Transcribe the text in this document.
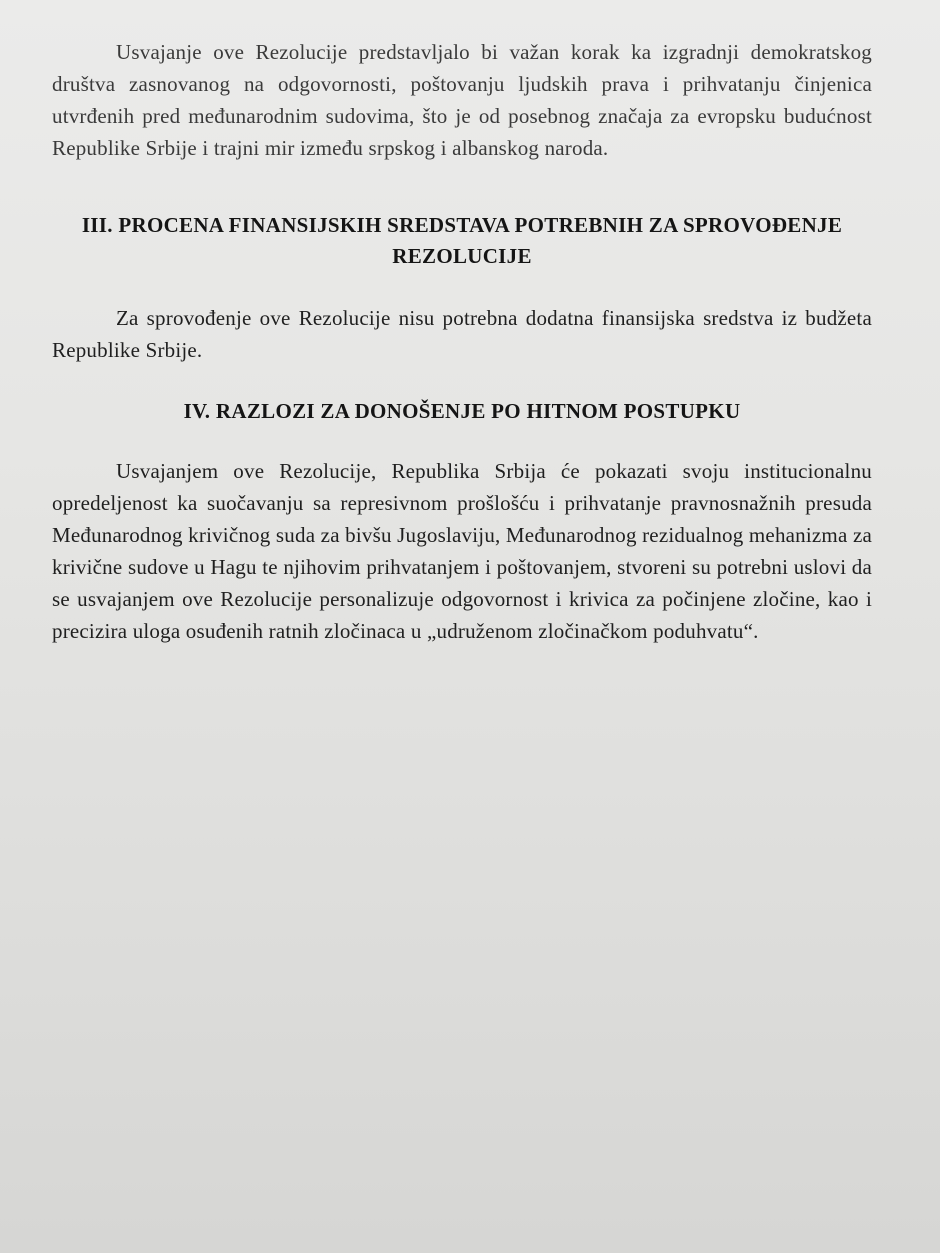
Usvajanje ove Rezolucije predstavljalo bi važan korak ka izgradnji demokratskog društva zasnovanog na odgovornosti, poštovanju ljudskih prava i prihvatanju činjenica utvrđenih pred međunarodnim sudovima, što je od posebnog značaja za evropsku budućnost Republike Srbije i trajni mir između srpskog i albanskog naroda.

III. PROCENA FINANSIJSKIH SREDSTAVA POTREBNIH ZA SPROVOĐENJE

REZOLUCIJE

Za sprovođenje ove Rezolucije nisu potrebna dodatna finansijska sredstva iz budžeta Republike Srbije.

IV. RAZLOZI ZA DONOŠENJE PO HITNOM POSTUPKU

Usvajanjem ove Rezolucije, Republika Srbija će pokazati svoju institucionalnu opredeljenost ka suočavanju sa represivnom prošlošću i prihvatanje pravnosnažnih presuda Međunarodnog krivičnog suda za bivšu Jugoslaviju, Međunarodnog rezidualnog mehanizma za krivične sudove u Hagu te njihovim prihvatanjem i poštovanjem, stvoreni su potrebni uslovi da se usvajanjem ove Rezolucije personalizuje odgovornost i krivica za počinjene zločine, kao i precizira uloga osuđenih ratnih zločinaca u „udruženom zločinačkom poduhvatu“.
